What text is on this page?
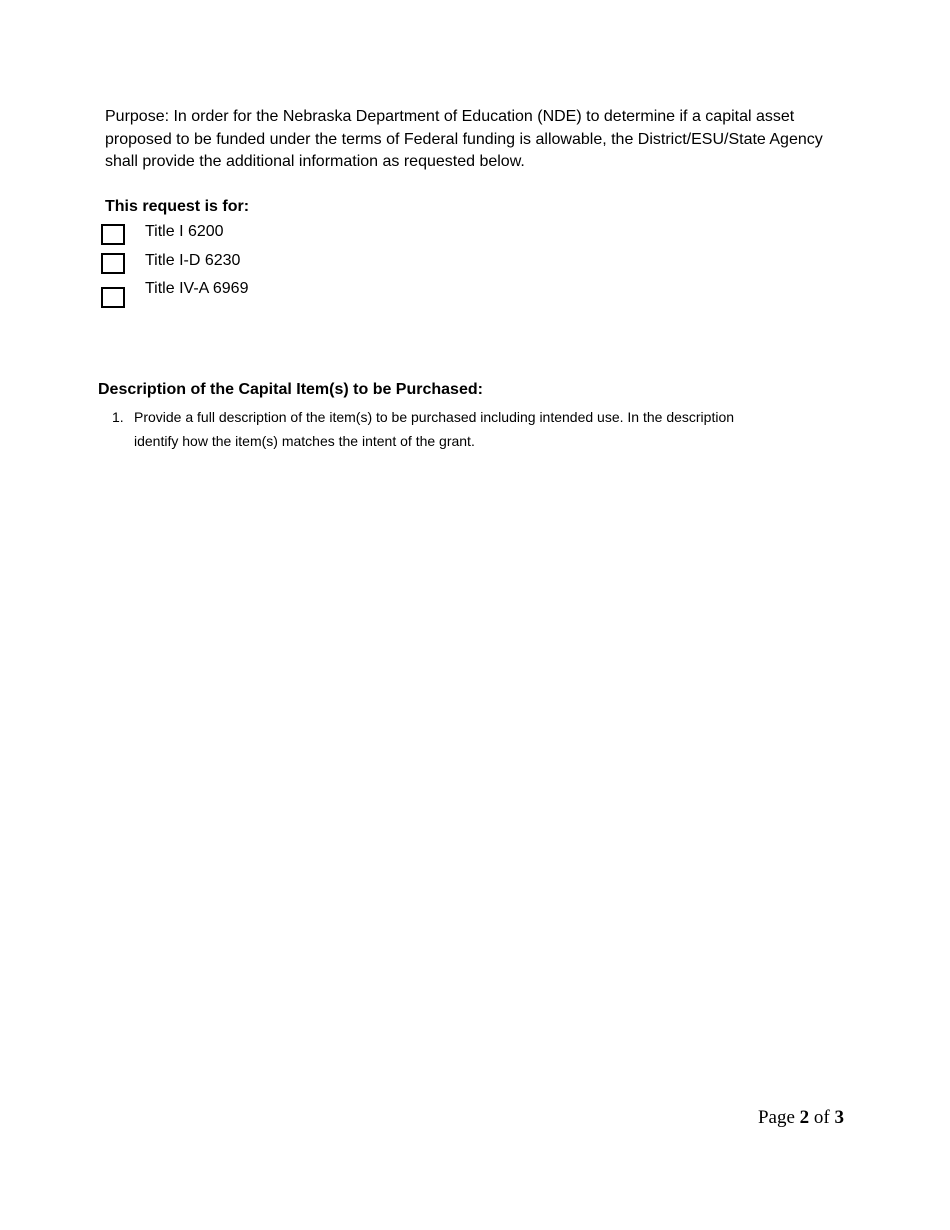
Purpose: In order for the Nebraska Department of Education (NDE) to determine if a capital asset proposed to be funded under the terms of Federal funding is allowable, the District/ESU/State Agency shall provide the additional information as requested below.
This request is for:
Title I 6200
Title I-D 6230
Title IV-A 6969
Description of the Capital Item(s) to be Purchased:
1. Provide a full description of the item(s) to be purchased including intended use. In the description identify how the item(s) matches the intent of the grant.
Page 2 of 3
